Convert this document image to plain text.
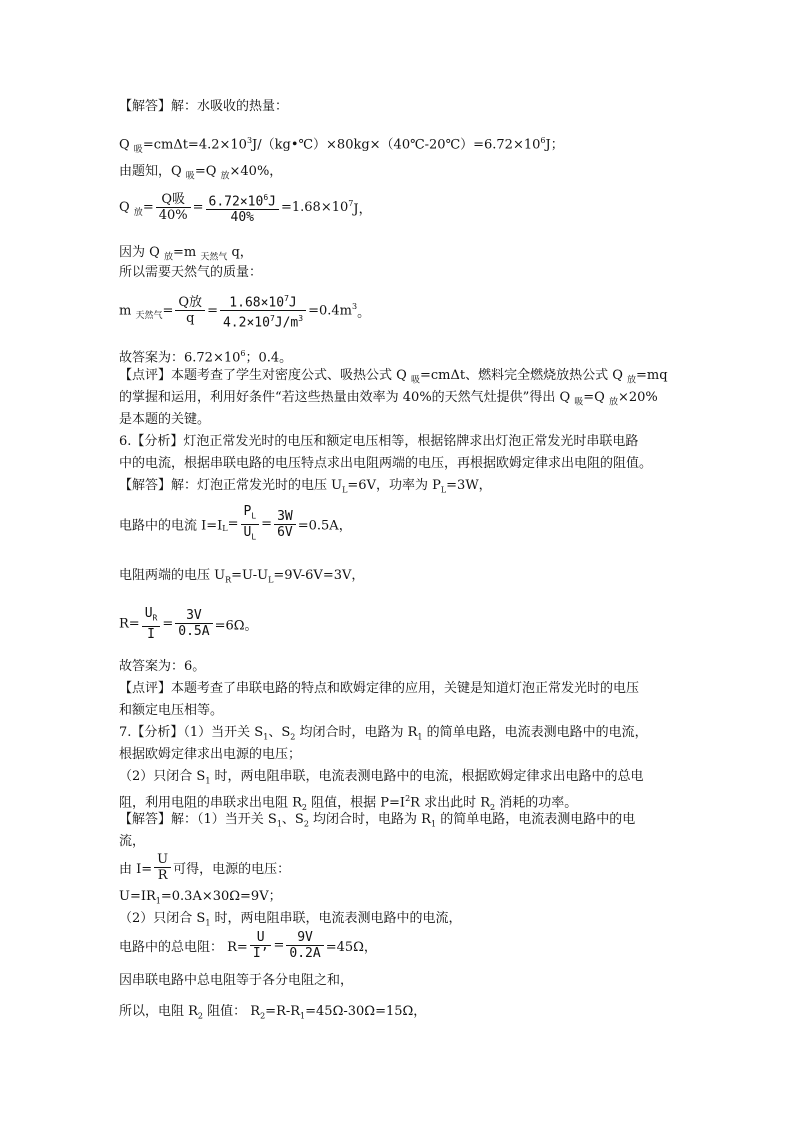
【解答】解：水吸收的热量：
Q $_吸=cm\Delta t=4.2\times 10^3J/(kg•℃)\times 80kg\times(40℃-20℃)=6.72\times 10^6J$；
由题知，Q $_吸$=Q $_放$×40%，
Q $_放= \frac{\text{Q吸}}{40\%} = \frac{6.72\times 10^6J}{40\%} =1.68\times 10^7J$，
因为 Q $_放$=m $_{天然气}$ q，
所以需要天然气的质量：
m $_{天然气}= \frac{\text{Q放}}{q} = \frac{1.68\times 10^7J}{4.2\times 10^7J/m^3} =0.4m^3$。
故答案为：$6.72\times 10^6$；0.4。
【点评】本题考查了学生对密度公式、吸热公式 Q $_吸$=cmΔt、燃料完全燃烧放热公式 Q $_放$=mq
的掌握和运用，利用好条件“若这些热量由效率为 40%的天然气灶提供”得出 Q $_吸$=Q $_放$×20%
是本题的关键。
6.【分析】灯泡正常发光时的电压和额定电压相等，根据铭牌求出灯泡正常发光时串联电路
中的电流，根据串联电路的电压特点求出电阻两端的电压，再根据欧姆定律求出电阻的阻值。
【解答】解：灯泡正常发光时的电压 $U_L=6V$，功率为 $P_L=3W$，
电路中的电流 $I=I_L= \frac{P_L}{U_L} = \frac{3W}{6V} =0.5A$，
电阻两端的电压 $U_R=U-U_L=9V-6V=3V$，
$R= \frac{U_R}{I} = \frac{3V}{0.5A} =6\Omega$。
故答案为：6。
【点评】本题考查了串联电路的特点和欧姆定律的应用，关键是知道灯泡正常发光时的电压
和额定电压相等。
7.【分析】（1）当开关 $S_1$、$S_2$ 均闭合时，电路为 $R_1$ 的简单电路，电流表测电路中的电流，
根据欧姆定律求出电源的电压；
（2）只闭合 $S_1$ 时，两电阻串联，电流表测电路中的电流，根据欧姆定律求出电路中的总电
阻，利用电阻的串联求出电阻 $R_2$ 阻值，根据 $P=I^2R$ 求出此时 $R_2$ 消耗的功率。
【解答】解：（1）当开关 $S_1$、$S_2$ 均闭合时，电路为 $R_1$ 的简单电路，电流表测电路中的电
流，
由 $I= \frac{U}{R}$ 可得，电源的电压：
$U=IR_1=0.3A\times 30\Omega=9V$；
（2）只闭合 $S_1$ 时，两电阻串联，电流表测电路中的电流，
电路中的总电阻： $R= \frac{U}{I’} = \frac{9V}{0.2A} =45\Omega$，
因串联电路中总电阻等于各分电阻之和，
所以，电阻 $R_2$ 阻值： $R_2=R-R_1=45\Omega-30\Omega=15\Omega$，
